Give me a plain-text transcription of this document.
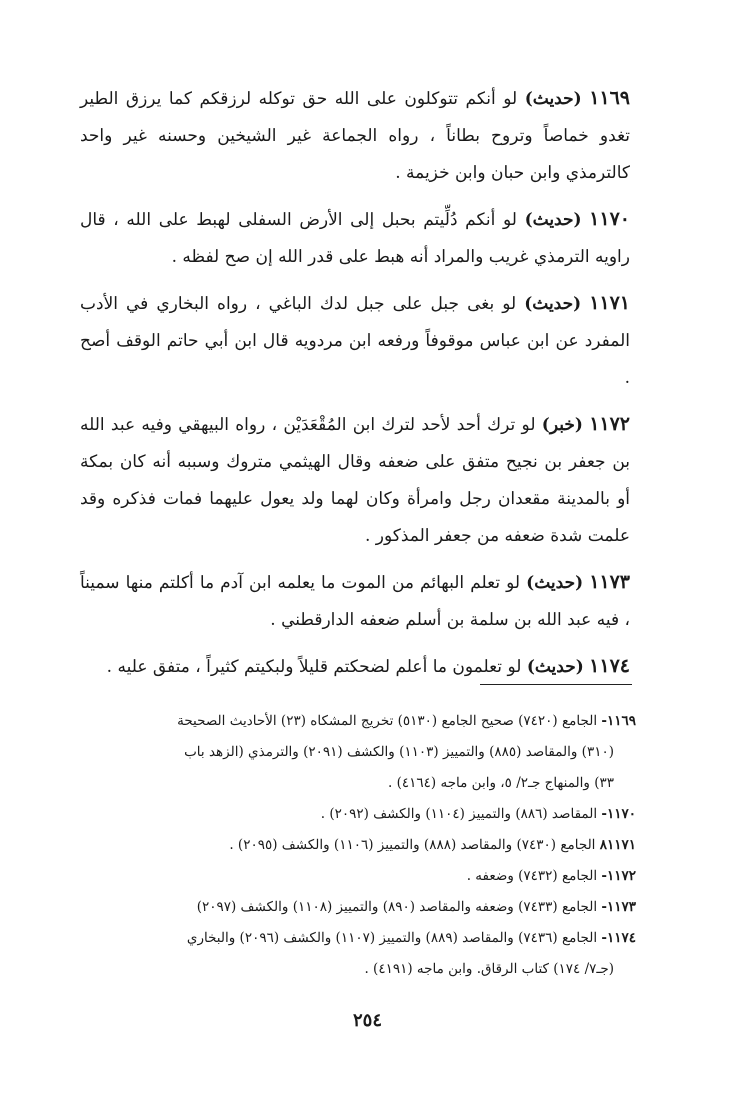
١١٦٩ (حديث) لو أنكم تتوكلون على الله حق توكله لرزقكم كما يرزق الطير تغدو خماصاً وتروح بطاناً ، رواه الجماعة غير الشيخين وحسنه غير واحد كالترمذي وابن حبان وابن خزيمة .

١١٧٠ (حديث) لو أنكم دُلِّيتم بحبل إلى الأرض السفلى لهبط على الله ، قال راويه الترمذي غريب والمراد أنه هبط على قدر الله إن صح لفظه .

١١٧١ (حديث) لو بغى جبل على جبل لدك الباغي ، رواه البخاري في الأدب المفرد عن ابن عباس موقوفاً ورفعه ابن مردويه قال ابن أبي حاتم الوقف أصح .

١١٧٢ (خبر) لو ترك أحد لأحد لترك ابن المُقْعَدَيْن ، رواه البيهقي وفيه عبد الله بن جعفر بن نجيح متفق على ضعفه وقال الهيثمي متروك وسببه أنه كان بمكة أو بالمدينة مقعدان رجل وامرأة وكان لهما ولد يعول عليهما فمات فذكره وقد علمت شدة ضعفه من جعفر المذكور .

١١٧٣ (حديث) لو تعلم البهائم من الموت ما يعلمه ابن آدم ما أكلتم منها سميناً ، فيه عبد الله بن سلمة بن أسلم ضعفه الدارقطني .

١١٧٤ (حديث) لو تعلمون ما أعلم لضحكتم قليلاً ولبكيتم كثيراً ، متفق عليه .

١١٦٩- الجامع (٧٤٢٠) صحيح الجامع (٥١٣٠) تخريج المشكاه (٢٣) الأحاديث الصحيحة
(٣١٠) والمقاصد (٨٨٥) والتمييز (١١٠٣) والكشف (٢٠٩١) والترمذي (الزهد باب
٣٣) والمنهاج جـ٢/ ٥، وابن ماجه (٤١٦٤) .

١١٧٠- المقاصد (٨٨٦) والتمييز (١١٠٤) والكشف (٢٠٩٢) .

٨١١٧١ الجامع (٧٤٣٠) والمقاصد (٨٨٨) والتمييز (١١٠٦) والكشف (٢٠٩٥) .

١١٧٢- الجامع (٧٤٣٢) وضعفه .

١١٧٣- الجامع (٧٤٣٣) وضعفه والمقاصد (٨٩٠) والتمييز (١١٠٨) والكشف (٢٠٩٧)

١١٧٤- الجامع (٧٤٣٦) والمقاصد (٨٨٩) والتمييز (١١٠٧) والكشف (٢٠٩٦) والبخاري
(جـ٧/ ١٧٤) كتاب الرقاق. وابن ماجه (٤١٩١) .

٢٥٤
